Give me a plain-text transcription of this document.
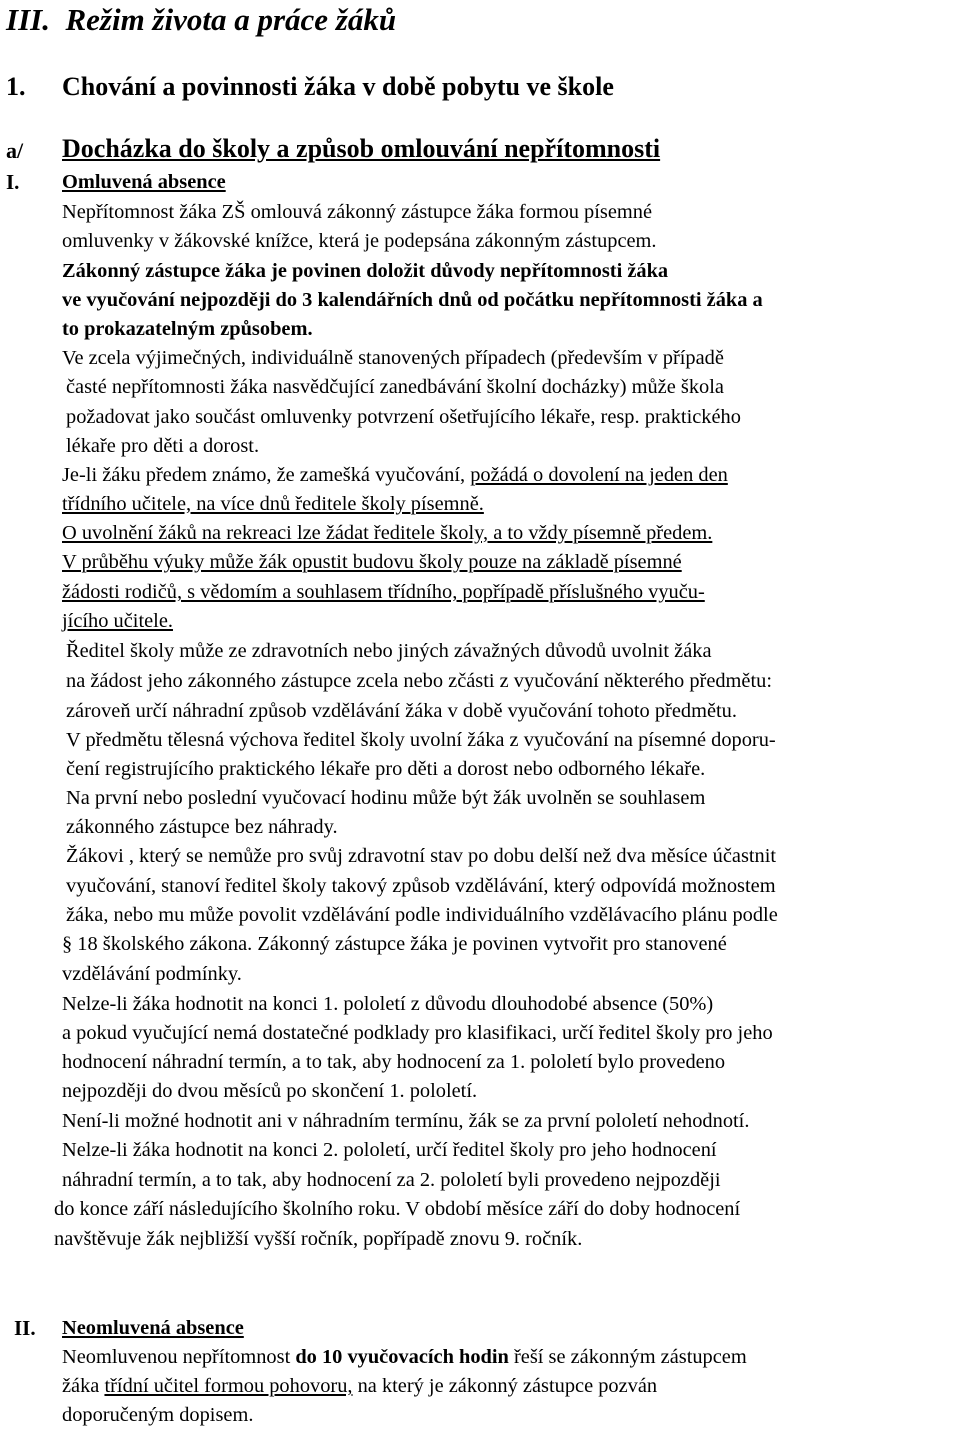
III. Režim života a práce žáků
1. Chování a povinnosti žáka v době pobytu ve škole
a/ Docházka do školy a způsob omlouvání nepřítomnosti
I. Omluvená absence
Nepřítomnost žáka ZŠ omlouvá zákonný zástupce žáka formou písemné
omluvenky v žákovské knížce, která je podepsána zákonným zástupcem.
Zákonný zástupce žáka je povinen doložit důvody nepřítomnosti žáka
ve vyučování nejpozději do 3 kalendářních dnů od počátku nepřítomnosti žáka a
to prokazatelným způsobem.
Ve zcela výjimečných, individuálně stanovených případech (především v případě
časté nepřítomnosti žáka nasvědčující zanedbávání školní docházky) může škola
požadovat jako součást omluvenky potvrzení ošetřujícího lékaře, resp. praktického
lékaře pro děti a dorost.
Je-li žáku předem známo, že zamešká vyučování, požádá o dovolení na jeden den
třídního učitele, na více dnů ředitele školy písemně.
O uvolnění žáků na rekreaci lze žádat ředitele školy, a to vždy písemně předem.
V průběhu výuky může žák opustit budovu školy pouze na základě písemné
žádosti rodičů, s vědomím a souhlasem třídního, popřípadě příslušného vyuču-
jícího učitele.
Ředitel školy může ze zdravotních nebo jiných závažných důvodů uvolnit žáka
na žádost jeho zákonného zástupce zcela nebo zčásti z vyučování některého předmětu:
zároveň určí náhradní způsob vzdělávání žáka v době vyučování tohoto předmětu.
V předmětu tělesná výchova ředitel školy uvolní žáka z vyučování na písemné doporu-
čení registrujícího praktického lékaře pro děti a dorost nebo odborného lékaře.
Na první nebo poslední vyučovací hodinu může být žák uvolněn se souhlasem
zákonného zástupce bez náhrady.
Žákovi , který se nemůže pro svůj zdravotní stav po dobu delší než dva měsíce účastnit
vyučování, stanoví ředitel školy takový způsob vzdělávání, který odpovídá možnostem
žáka, nebo mu může povolit vzdělávání podle individuálního vzdělávacího plánu podle
§ 18 školského zákona. Zákonný zástupce žáka je povinen vytvořit pro stanovené
vzdělávání podmínky.
Nelze-li žáka hodnotit na konci 1. pololetí z důvodu dlouhodobé absence (50%)
a pokud vyučující nemá dostatečné podklady pro klasifikaci, určí ředitel školy pro jeho
hodnocení náhradní termín, a to tak, aby hodnocení za 1. pololetí bylo provedeno
nejpozději do dvou měsíců po skončení 1. pololetí.
Není-li možné hodnotit ani v náhradním termínu, žák se za první pololetí nehodnotí.
Nelze-li žáka hodnotit na konci 2. pololetí, určí ředitel školy pro jeho hodnocení
náhradní termín, a to tak, aby hodnocení za 2. pololetí byli provedeno nejpozději
do konce září následujícího školního roku. V období měsíce září do doby hodnocení
navštěvuje žák nejbližší vyšší ročník, popřípadě znovu 9. ročník.
II. Neomluvená absence
Neomluvenou nepřítomnost do 10 vyučovacích hodin řeší se zákonným zástupcem
žáka třídní učitel formou pohovoru, na který je zákonný zástupce pozván
doporučeným dopisem.
